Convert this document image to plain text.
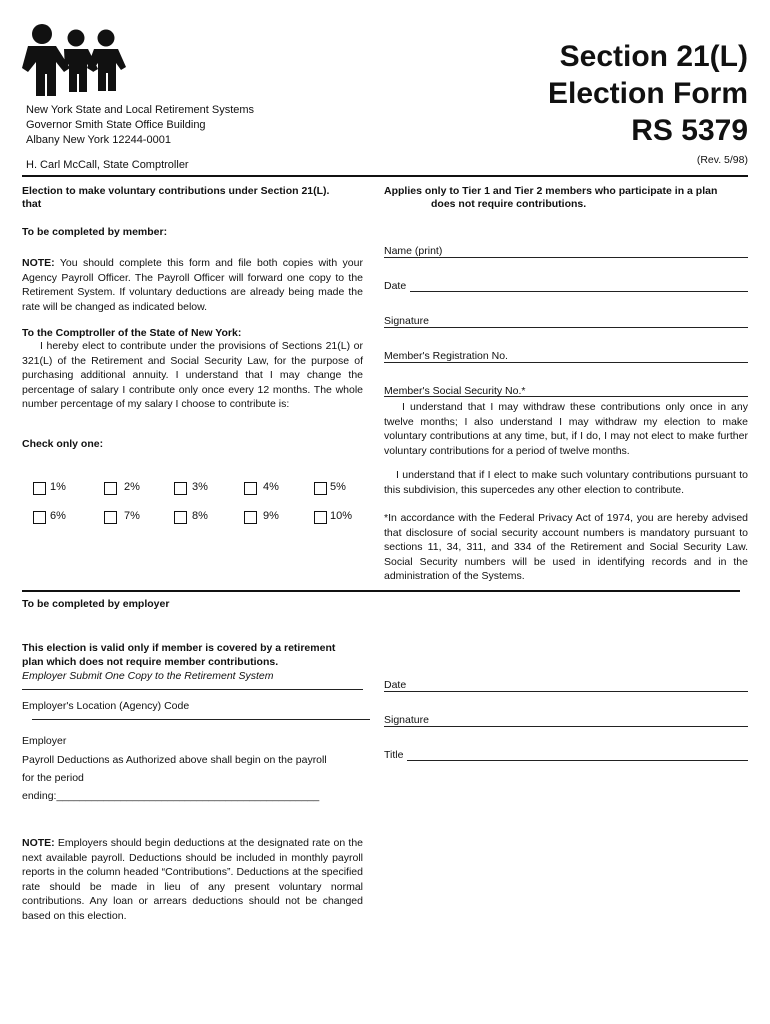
New York State and Local Retirement Systems
Governor Smith State Office Building
Albany New York 12244-0001
H. Carl McCall, State Comptroller
Section 21(L)
Election Form
RS 5379
(Rev. 5/98)
Election to make voluntary contributions under Section 21(L).
that
Applies only to Tier 1 and Tier 2 members who participate in a plan
does not require contributions.
To be completed by member:
NOTE: You should complete this form and file both copies with your Agency Payroll Officer. The Payroll Officer will forward one copy to the Retirement System. If voluntary deductions are already being made the rate will be changed as indicated below.
To the Comptroller of the State of New York:
I hereby elect to contribute under the provisions of Sections 21(L) or 321(L) of the Retirement and Social Security Law, for the purpose of purchasing additional annuity. I understand that I may change the percentage of salary I contribute only once every 12 months. The whole number percentage of my salary I choose to contribute is:
Check only one:
1%	2%	3%	4%	5%
6%	7%	8%	9%	10%
Name (print)
Date
Signature
Member's Registration No.
Member's Social Security No.*
I understand that I may withdraw these contributions only once in any twelve months; I also understand I may withdraw my election to make voluntary contributions at any time, but, if I do, I may not elect to make further voluntary contributions for a period of twelve months.
I understand that if I elect to make such voluntary contributions pursuant to this subdivision, this supercedes any other election to contribute.
*In accordance with the Federal Privacy Act of 1974, you are hereby advised that disclosure of social security account numbers is mandatory pursuant to sections 11, 34, 311, and 334 of the Retirement and Social Security Law. Social Security numbers will be used in identifying records and in the administration of the Systems.
To be completed by employer
This election is valid only if member is covered by a retirement
plan which does not require member contributions.
Employer Submit One Copy to the Retirement System
Employer's Location (Agency) Code
Employer
Payroll Deductions as Authorized above shall begin on the payroll
for the period
ending:_____________________________________________
Date
Signature
Title
NOTE: Employers should begin deductions at the designated rate on the next available payroll. Deductions should be included in monthly payroll reports in the column headed “Contributions”. Deductions at the specified rate should be made in lieu of any present voluntary normal contributions. Any loan or arrears deductions should not be changed based on this election.
